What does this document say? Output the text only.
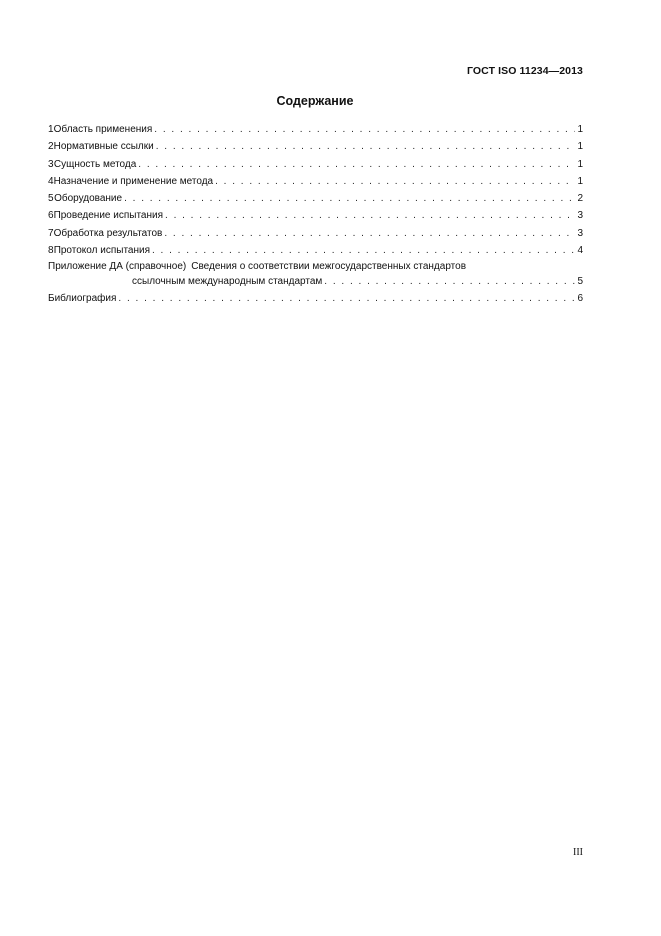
ГОСТ ISO 11234—2013
Содержание
1 Область применения . . .	1
2 Нормативные ссылки . . .	1
3 Сущность метода . . .	1
4 Назначение и применение метода . . .	1
5 Оборудование . . .	2
6 Проведение испытания . . .	3
7 Обработка результатов . . .	3
8 Протокол испытания . . .	4
Приложение ДА (справочное) Сведения о соответствии межгосударственных стандартов
ссылочным международным стандартам . . .	5
Библиография . . .	6
III
